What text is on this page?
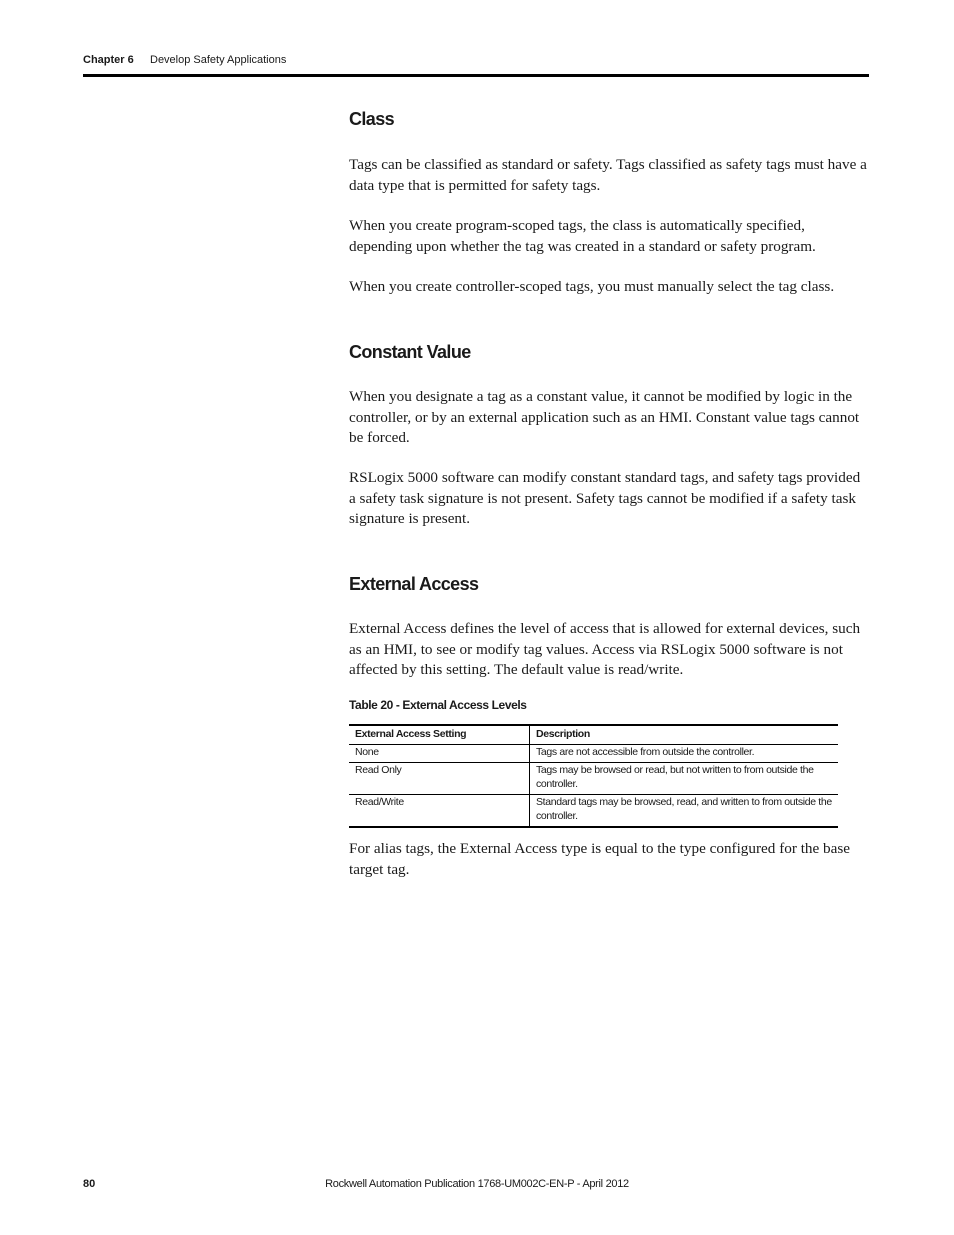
Chapter 6 Develop Safety Applications
Class

Tags can be classified as standard or safety. Tags classified as safety tags must have a data type that is permitted for safety tags.

When you create program-scoped tags, the class is automatically specified, depending upon whether the tag was created in a standard or safety program.

When you create controller-scoped tags, you must manually select the tag class.

Constant Value

When you designate a tag as a constant value, it cannot be modified by logic in the controller, or by an external application such as an HMI. Constant value tags cannot be forced.

RSLogix 5000 software can modify constant standard tags, and safety tags provided a safety task signature is not present. Safety tags cannot be modified if a safety task signature is present.

External Access

External Access defines the level of access that is allowed for external devices, such as an HMI, to see or modify tag values. Access via RSLogix 5000 software is not affected by this setting. The default value is read/write.

Table 20 - External Access Levels
External Access Setting	Description
None	Tags are not accessible from outside the controller.
Read Only	Tags may be browsed or read, but not written to from outside the controller.
Read/Write	Standard tags may be browsed, read, and written to from outside the controller.

For alias tags, the External Access type is equal to the type configured for the base target tag.

80	Rockwell Automation Publication 1768-UM002C-EN-P - April 2012
